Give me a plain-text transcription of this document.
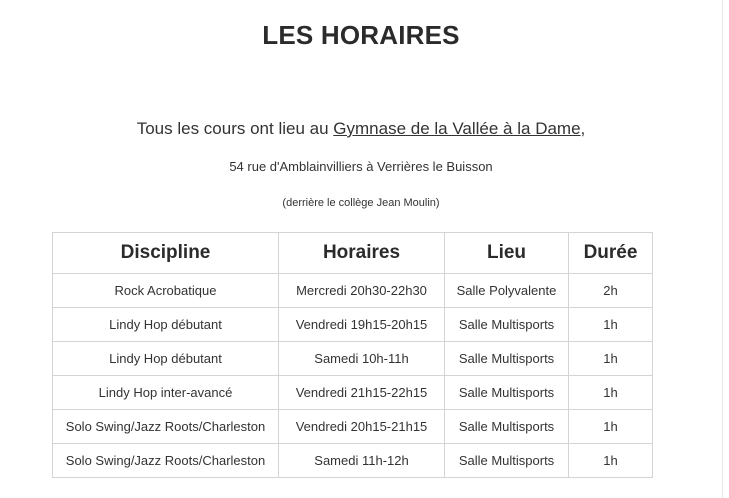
LES HORAIRES
Tous les cours ont lieu au Gymnase de la Vallée à la Dame,
54 rue d'Amblainvilliers à Verrières le Buisson
(derrière le collège Jean Moulin)
Discipline	Horaires	Lieu	Durée
Rock Acrobatique	Mercredi 20h30-22h30	Salle Polyvalente	2h
Lindy Hop débutant	Vendredi 19h15-20h15	Salle Multisports	1h
Lindy Hop débutant	Samedi 10h-11h	Salle Multisports	1h
Lindy Hop inter-avancé	Vendredi 21h15-22h15	Salle Multisports	1h
Solo Swing/Jazz Roots/Charleston	Vendredi 20h15-21h15	Salle Multisports	1h
Solo Swing/Jazz Roots/Charleston	Samedi 11h-12h	Salle Multisports	1h
